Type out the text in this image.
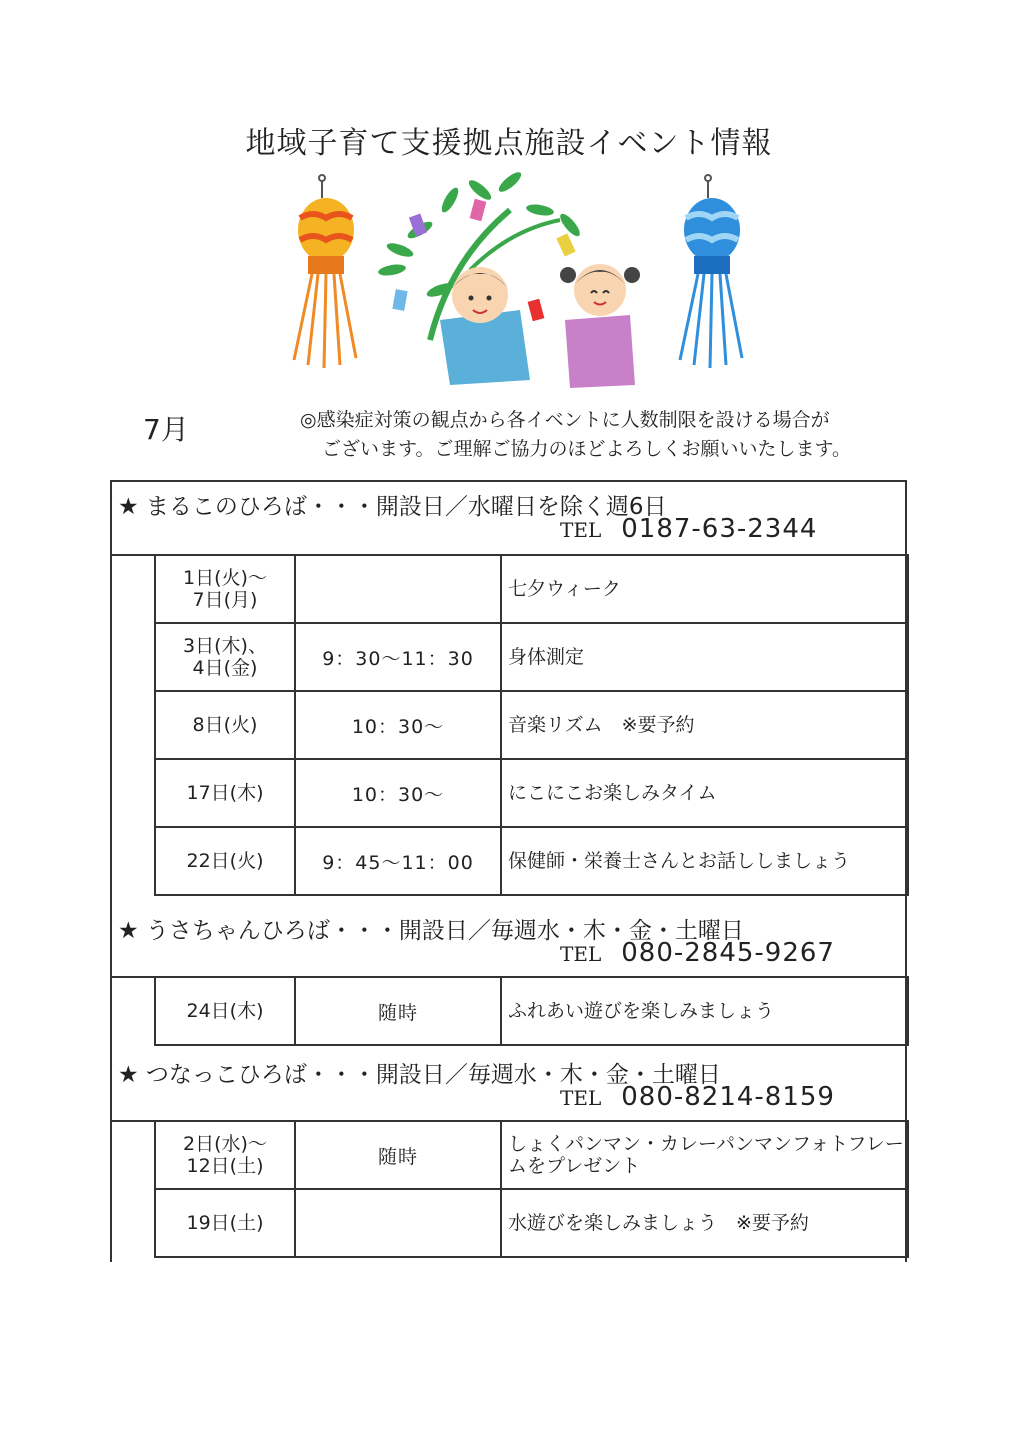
地域子育て支援拠点施設イベント情報
7月	◎感染症対策の観点から各イベントに人数制限を設ける場合が
ございます。ご理解ご協力のほどよろしくお願いいたします。
★ まるこのひろば・・・開設日／水曜日を除く週6日
TEL 0187-63-2344
1日(火)～
7日(月)		七夕ウィーク

3日(木)、
4日(金)	9：30～11：30	身体測定

8日(火)	10：30～	音楽リズム　※要予約

17日(木)	10：30～	にこにこお楽しみタイム

22日(火)	9：45～11：00	保健師・栄養士さんとお話ししましょう
★ うさちゃんひろば・・・開設日／毎週水・木・金・土曜日
TEL 080-2845-9267
24日(木)	随時	ふれあい遊びを楽しみましょう
★ つなっこひろば・・・開設日／毎週水・木・金・土曜日
TEL 080-8214-8159
2日(水)～
12日(土)	随時	しょくパンマン・カレーパンマンフォトフレームをプレゼント

19日(土)		水遊びを楽しみましょう　※要予約
